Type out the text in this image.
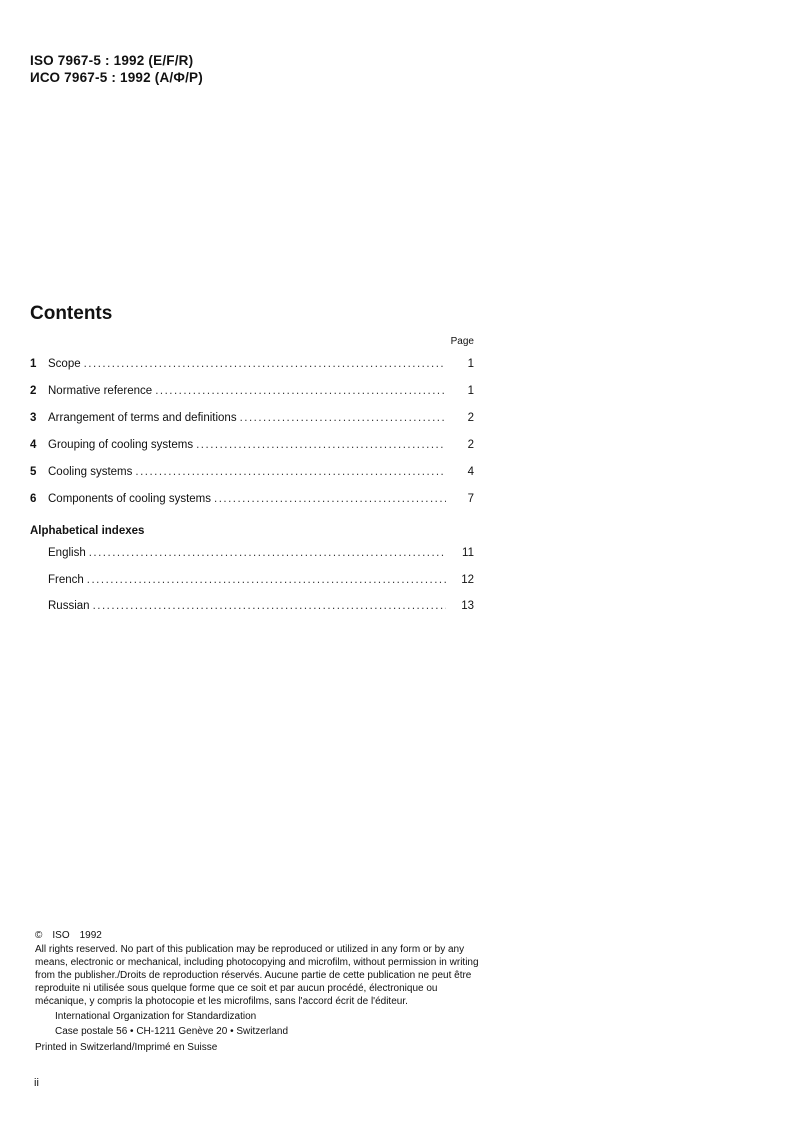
ISO 7967-5 : 1992 (E/F/R)
ИСО 7967-5 : 1992 (А/Ф/Р)
Contents
Page
1	Scope .....	1
2	Normative reference .....	1
3	Arrangement of terms and definitions .....	2
4	Grouping of cooling systems .....	2
5	Cooling systems .....	4
6	Components of cooling systems .....	7
Alphabetical indexes
English .....	11
French .....	12
Russian .....	13

© ISO 1992

All rights reserved. No part of this publication may be reproduced or utilized in any form or by any means, electronic or mechanical, including photocopying and microfilm, without permission in writing from the publisher./Droits de reproduction réservés. Aucune partie de cette publication ne peut être reproduite ni utilisée sous quelque forme que ce soit et par aucun procédé, électronique ou mécanique, y compris la photocopie et les microfilms, sans l'accord écrit de l'éditeur.

International Organization for Standardization

Case postale 56 • CH-1211 Genève 20 • Switzerland

Printed in Switzerland/Imprimé en Suisse

ii
